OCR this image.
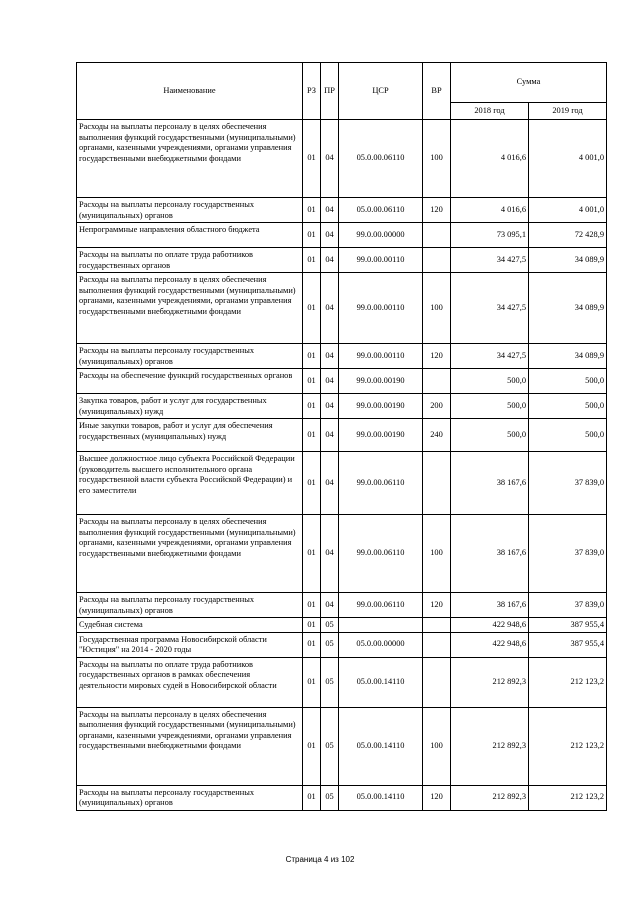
Наименование	РЗ	ПР	ЦСР	ВР	Сумма	
					2018 год	2019 год
Расходы на выплаты персоналу в целях обеспечения выполнения функций государственными (муниципальными) органами, казенными учреждениями, органами управления государственными внебюджетными фондами	01	04	05.0.00.06110	100	4 016,6	4 001,0
Расходы на выплаты персоналу государственных (муниципальных) органов	01	04	05.0.00.06110	120	4 016,6	4 001,0
Непрограммные направления областного бюджета	01	04	99.0.00.00000		73 095,1	72 428,9
Расходы на выплаты по оплате труда работников государственных органов	01	04	99.0.00.00110		34 427,5	34 089,9
Расходы на выплаты персоналу в целях обеспечения выполнения функций государственными (муниципальными) органами, казенными учреждениями, органами управления государственными внебюджетными фондами	01	04	99.0.00.00110	100	34 427,5	34 089,9
Расходы на выплаты персоналу государственных (муниципальных) органов	01	04	99.0.00.00110	120	34 427,5	34 089,9
Расходы на обеспечение функций государственных органов	01	04	99.0.00.00190		500,0	500,0
Закупка товаров, работ и услуг для государственных (муниципальных) нужд	01	04	99.0.00.00190	200	500,0	500,0
Иные закупки товаров, работ и услуг для обеспечения государственных (муниципальных) нужд	01	04	99.0.00.00190	240	500,0	500,0
Высшее должностное лицо субъекта Российской Федерации (руководитель высшего исполнительного органа государственной власти субъекта Российской Федерации) и его заместители	01	04	99.0.00.06110		38 167,6	37 839,0
Расходы на выплаты персоналу в целях обеспечения выполнения функций государственными (муниципальными) органами, казенными учреждениями, органами управления государственными внебюджетными фондами	01	04	99.0.00.06110	100	38 167,6	37 839,0
Расходы на выплаты персоналу государственных (муниципальных) органов	01	04	99.0.00.06110	120	38 167,6	37 839,0
Судебная система	01	05			422 948,6	387 955,4
Государственная программа Новосибирской области "Юстиция" на 2014 - 2020 годы	01	05	05.0.00.00000		422 948,6	387 955,4
Расходы на выплаты по оплате труда работников государственных органов в рамках обеспечения деятельности мировых судей в Новосибирской области	01	05	05.0.00.14110		212 892,3	212 123,2
Расходы на выплаты персоналу в целях обеспечения выполнения функций государственными (муниципальными) органами, казенными учреждениями, органами управления государственными внебюджетными фондами	01	05	05.0.00.14110	100	212 892,3	212 123,2
Расходы на выплаты персоналу государственных (муниципальных) органов	01	05	05.0.00.14110	120	212 892,3	212 123,2
Страница 4 из 102
